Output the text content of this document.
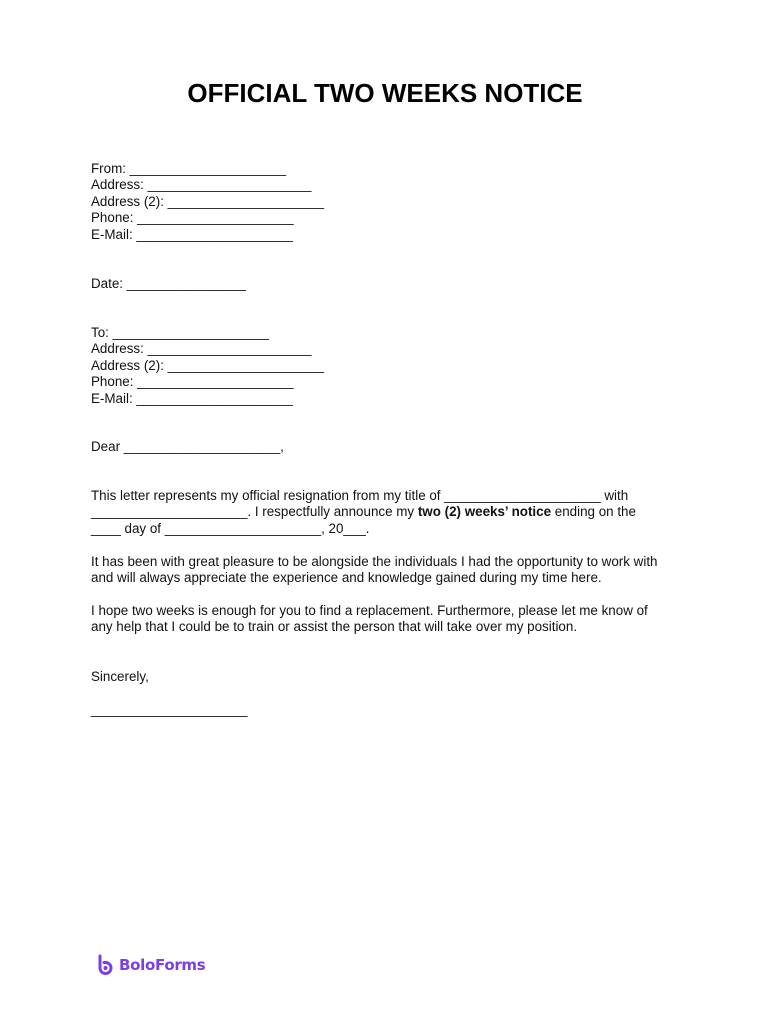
OFFICIAL TWO WEEKS NOTICE
From: _____________________
Address: ______________________
Address (2): _____________________
Phone: _____________________
E-Mail: _____________________
Date: ________________
To: _____________________
Address: ______________________
Address (2): _____________________
Phone: _____________________
E-Mail: _____________________
Dear _____________________,
This letter represents my official resignation from my title of _____________________ with
_____________________. I respectfully announce my two (2) weeks’ notice ending on the
____ day of _____________________, 20___.
It has been with great pleasure to be alongside the individuals I had the opportunity to work with
and will always appreciate the experience and knowledge gained during my time here.
I hope two weeks is enough for you to find a replacement. Furthermore, please let me know of
any help that I could be to train or assist the person that will take over my position.
Sincerely,
_____________________
BoloForms
